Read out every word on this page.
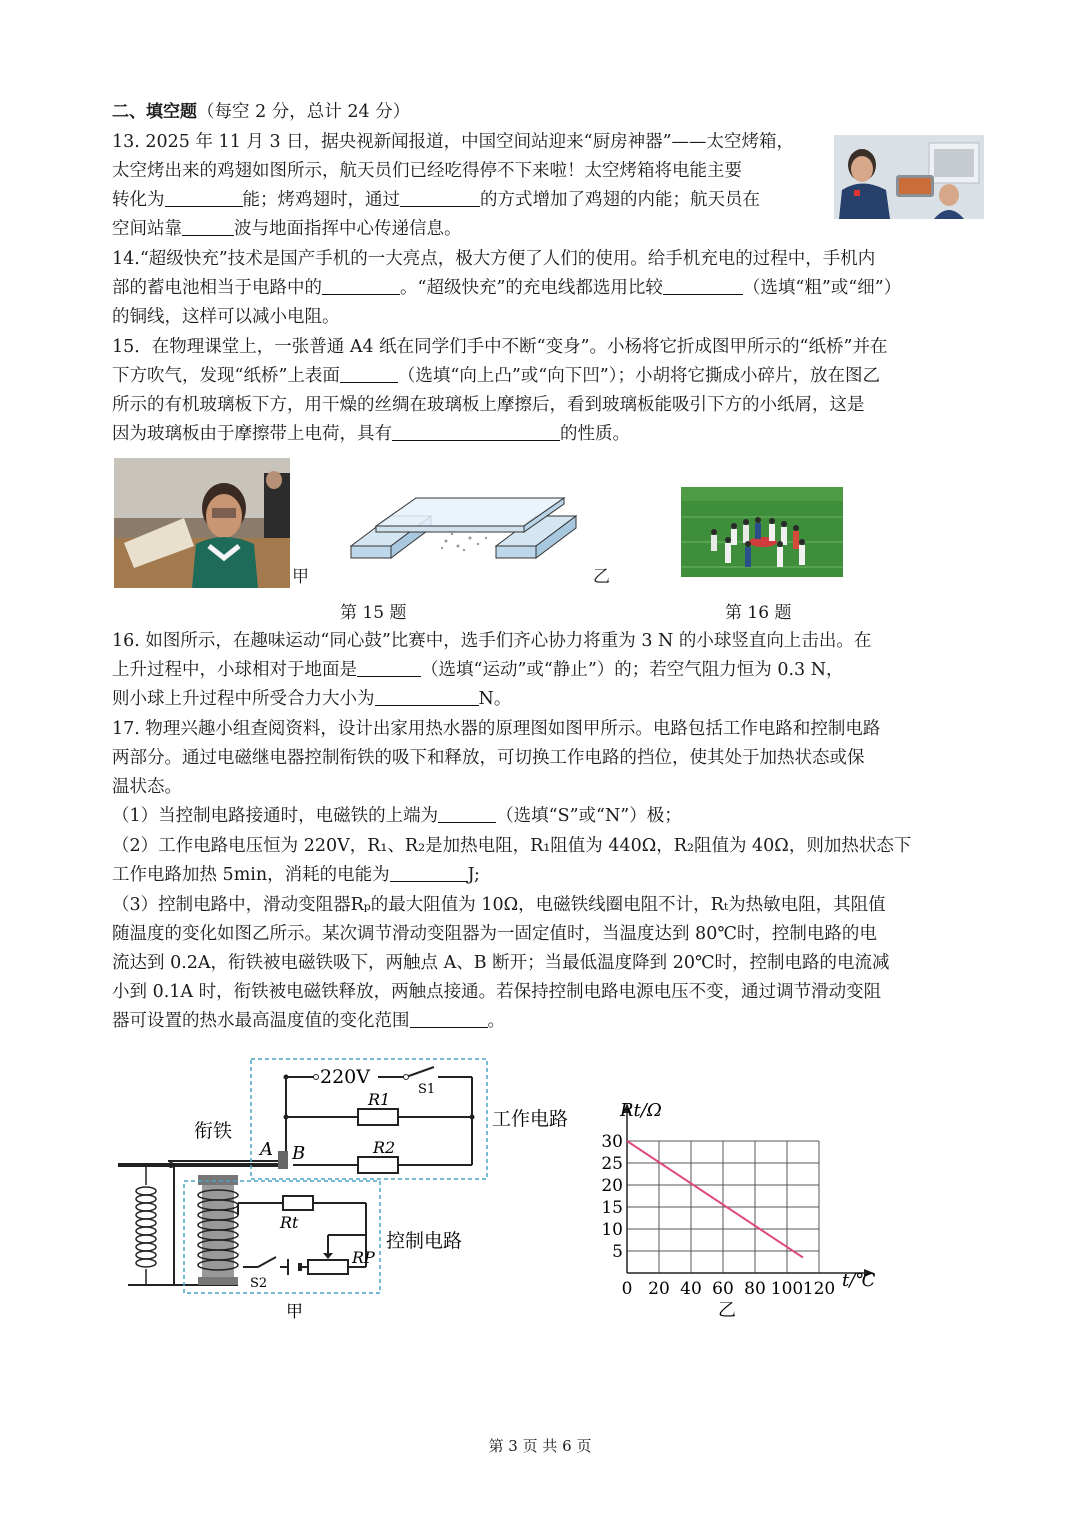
二、填空题（每空 2 分，总计 24 分）
13. 2025 年 11 月 3 日，据央视新闻报道，中国空间站迎来“厨房神器”——太空烤箱，
太空烤出来的鸡翅如图所示，航天员们已经吃得停不下来啦！太空烤箱将电能主要
转化为	能；烤鸡翅时，通过	的方式增加了鸡翅的内能；航天员在
空间站靠	波与地面指挥中心传递信息。
14.“超级快充”技术是国产手机的一大亮点，极大方便了人们的使用。给手机充电的过程中，手机内
部的蓄电池相当于电路中的	。“超级快充”的充电线都选用比较	（选填“粗”或“细”）
的铜线，这样可以减小电阻。
15．在物理课堂上，一张普通 A4 纸在同学们手中不断“变身”。小杨将它折成图甲所示的“纸桥”并在
下方吹气，发现“纸桥”上表面	（选填“向上凸”或“向下凹”）；小胡将它撕成小碎片，放在图乙
所示的有机玻璃板下方，用干燥的丝绸在玻璃板上摩擦后，看到玻璃板能吸引下方的小纸屑，这是
因为玻璃板由于摩擦带上电荷，具有	的性质。
甲	乙
第 15 题	第 16 题
16. 如图所示，在趣味运动“同心鼓”比赛中，选手们齐心协力将重为 3 N 的小球竖直向上击出。在
上升过程中，小球相对于地面是	（选填“运动”或“静止”）的；若空气阻力恒为 0.3 N，
则小球上升过程中所受合力大小为	N。
17. 物理兴趣小组查阅资料，设计出家用热水器的原理图如图甲所示。电路包括工作电路和控制电路
两部分。通过电磁继电器控制衔铁的吸下和释放，可切换工作电路的挡位，使其处于加热状态或保
温状态。
（1）当控制电路接通时，电磁铁的上端为	（选填“S”或“N”）极；
（2）工作电路电压恒为 220V，R₁、R₂是加热电阻，R₁阻值为 440Ω，R₂阻值为 40Ω，则加热状态下
工作电路加热 5min，消耗的电能为	J;
（3）控制电路中，滑动变阻器Rₚ的最大阻值为 10Ω，电磁铁线圈电阻不计，Rₜ为热敏电阻，其阻值
随温度的变化如图乙所示。某次调节滑动变阻器为一固定值时，当温度达到 80℃时，控制电路的电
流达到 0.2A，衔铁被电磁铁吸下，两触点 A、B 断开；当最低温度降到 20℃时，控制电路的电流减
小到 0.1A 时，衔铁被电磁铁释放，两触点接通。若保持控制电路电源电压不变，通过调节滑动变阻
器可设置的热水最高温度值的变化范围	。
220V
S1
R1
R2
衔铁
A B
工作电路
Rt
RP
S2
控制电路
甲
0 20 40 60 80 100 120
5
10
15
20
25
30
Rt/Ω
t/℃
乙
第 3 页 共 6 页
